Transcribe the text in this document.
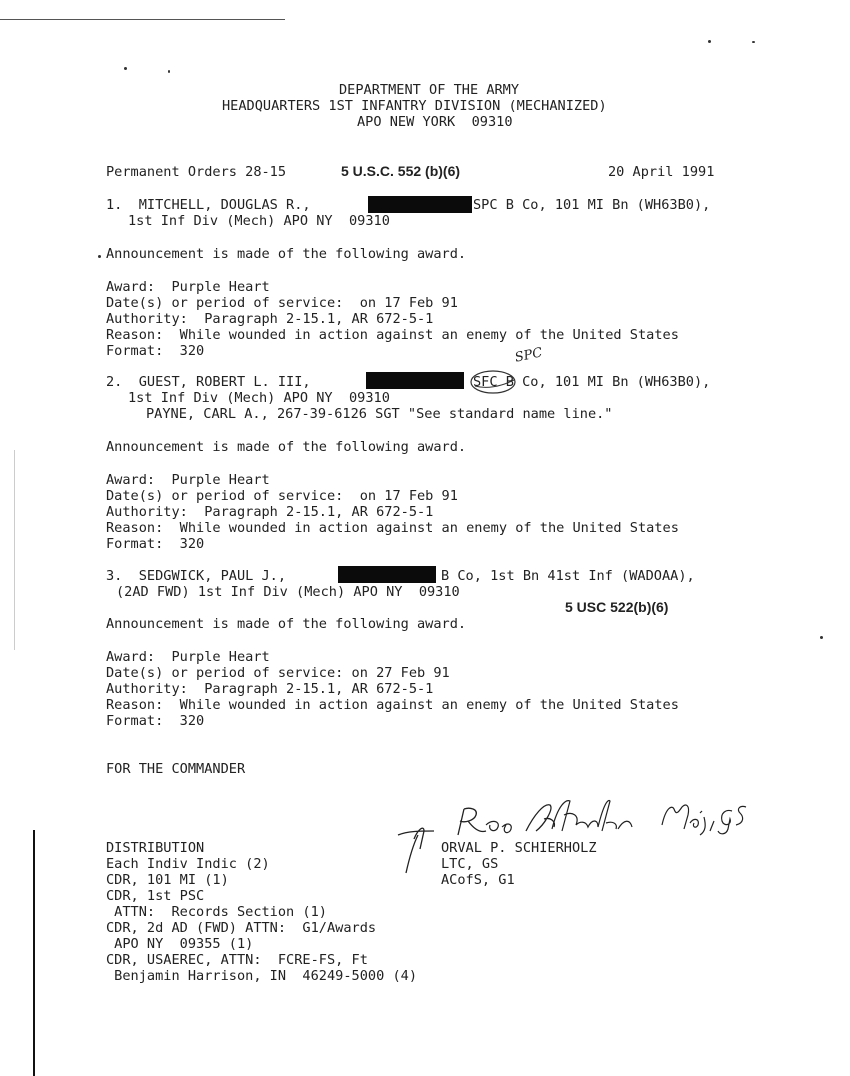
DEPARTMENT OF THE ARMY
HEADQUARTERS 1ST INFANTRY DIVISION (MECHANIZED)
APO NEW YORK  09310
Permanent Orders 28-15	5 U.S.C. 552 (b)(6)	20 April 1991
1.  MITCHELL, DOUGLAS R.,	SPC B Co, 101 MI Bn (WH63B0),
1st Inf Div (Mech) APO NY  09310
Announcement is made of the following award.
Award:  Purple Heart
Date(s) or period of service:  on 17 Feb 91
Authority:  Paragraph 2-15.1, AR 672-5-1
Reason:  While wounded in action against an enemy of the United States
Format:  320
2.  GUEST, ROBERT L. III,	SFC B Co, 101 MI Bn (WH63B0),
SPC
1st Inf Div (Mech) APO NY  09310
PAYNE, CARL A., 267-39-6126 SGT "See standard name line."
Announcement is made of the following award.
Award:  Purple Heart
Date(s) or period of service:  on 17 Feb 91
Authority:  Paragraph 2-15.1, AR 672-5-1
Reason:  While wounded in action against an enemy of the United States
Format:  320
3.  SEDGWICK, PAUL J.,	B Co, 1st Bn 41st Inf (WADOAA),
(2AD FWD) 1st Inf Div (Mech) APO NY  09310
5 USC 522(b)(6)
Announcement is made of the following award.
Award:  Purple Heart
Date(s) or period of service: on 27 Feb 91
Authority:  Paragraph 2-15.1, AR 672-5-1
Reason:  While wounded in action against an enemy of the United States
Format:  320
FOR THE COMMANDER
ORVAL P. SCHIERHOLZ
LTC, GS
ACofS, G1
DISTRIBUTION
Each Indiv Indic (2)
CDR, 101 MI (1)
CDR, 1st PSC
ATTN:  Records Section (1)
CDR, 2d AD (FWD) ATTN:  G1/Awards
APO NY  09355 (1)
CDR, USAEREC, ATTN:  FCRE-FS, Ft
Benjamin Harrison, IN  46249-5000 (4)
